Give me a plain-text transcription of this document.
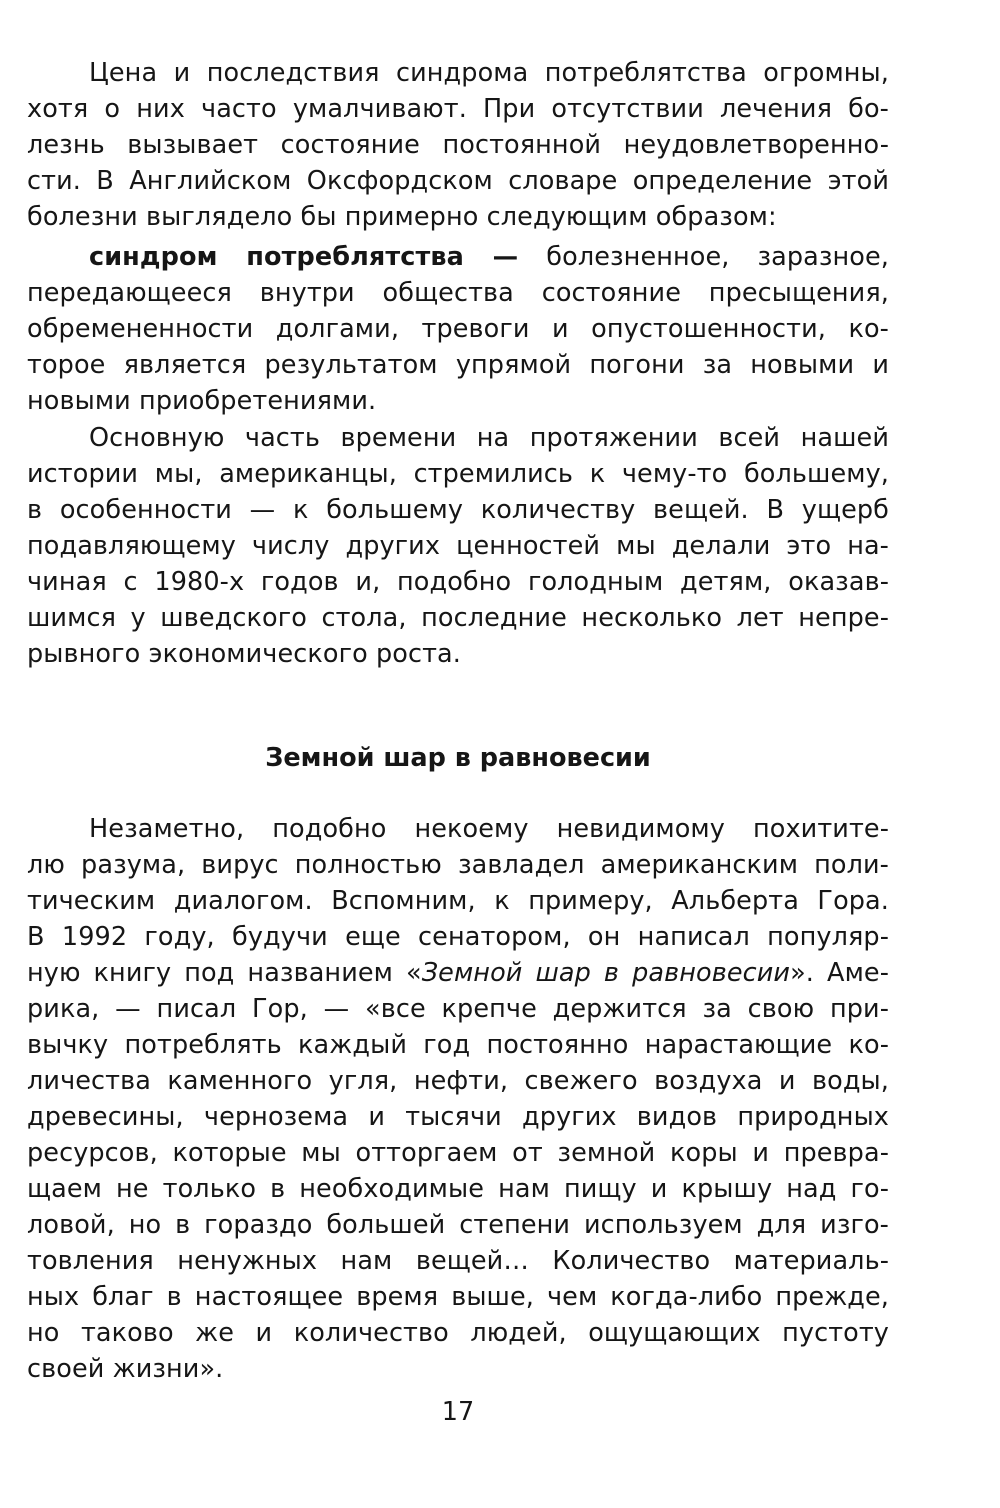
Цена и последствия синдрома потреблятства огромны,
хотя о них часто умалчивают. При отсутствии лечения бо-
лезнь вызывает состояние постоянной неудовлетвореннo-
сти. В Английском Оксфордском словаре определение этой
болезни выглядело бы примерно следующим образом:
синдром потреблятства — болезненное, заразное,
передающееся внутри общества состояние пресыщения,
обремененности долгами, тревоги и опустошенности, ко-
торое является результатом упрямой погони за новыми и
новыми приобретениями.
Основную часть времени на протяжении всей нашей
истории мы, американцы, стремились к чему-то большему,
в особенности — к большему количеству вещей. В ущерб
подавляющему числу других ценностей мы делали это на-
чиная с 1980-х годов и, подобно голодным детям, оказав-
шимся у шведского стола, последние несколько лет непре-
рывного экономического роста.
Земной шар в равновесии
Незаметно, подобно некоему невидимому похитите-
лю разума, вирус полностью завладел американским поли-
тическим диалогом. Вспомним, к примеру, Альберта Гора.
В 1992 году, будучи еще сенатором, он написал популяр-
ную книгу под названием «Земной шар в равновесии». Аме-
рика, — писал Гор, — «все крепче держится за свою при-
вычку потреблять каждый год постоянно нарастающие ко-
личества каменного угля, нефти, свежего воздуха и воды,
древесины, чернозема и тысячи других видов природных
ресурсов, которые мы отторгаем от земной коры и превра-
щаем не только в необходимые нам пищу и крышу над го-
ловой, но в гораздо большей степени используем для изго-
товления ненужных нам вещей… Количество материаль-
ных благ в настоящее время выше, чем когда-либо прежде,
но таково же и количество людей, ощущающих пустоту
своей жизни».
17
